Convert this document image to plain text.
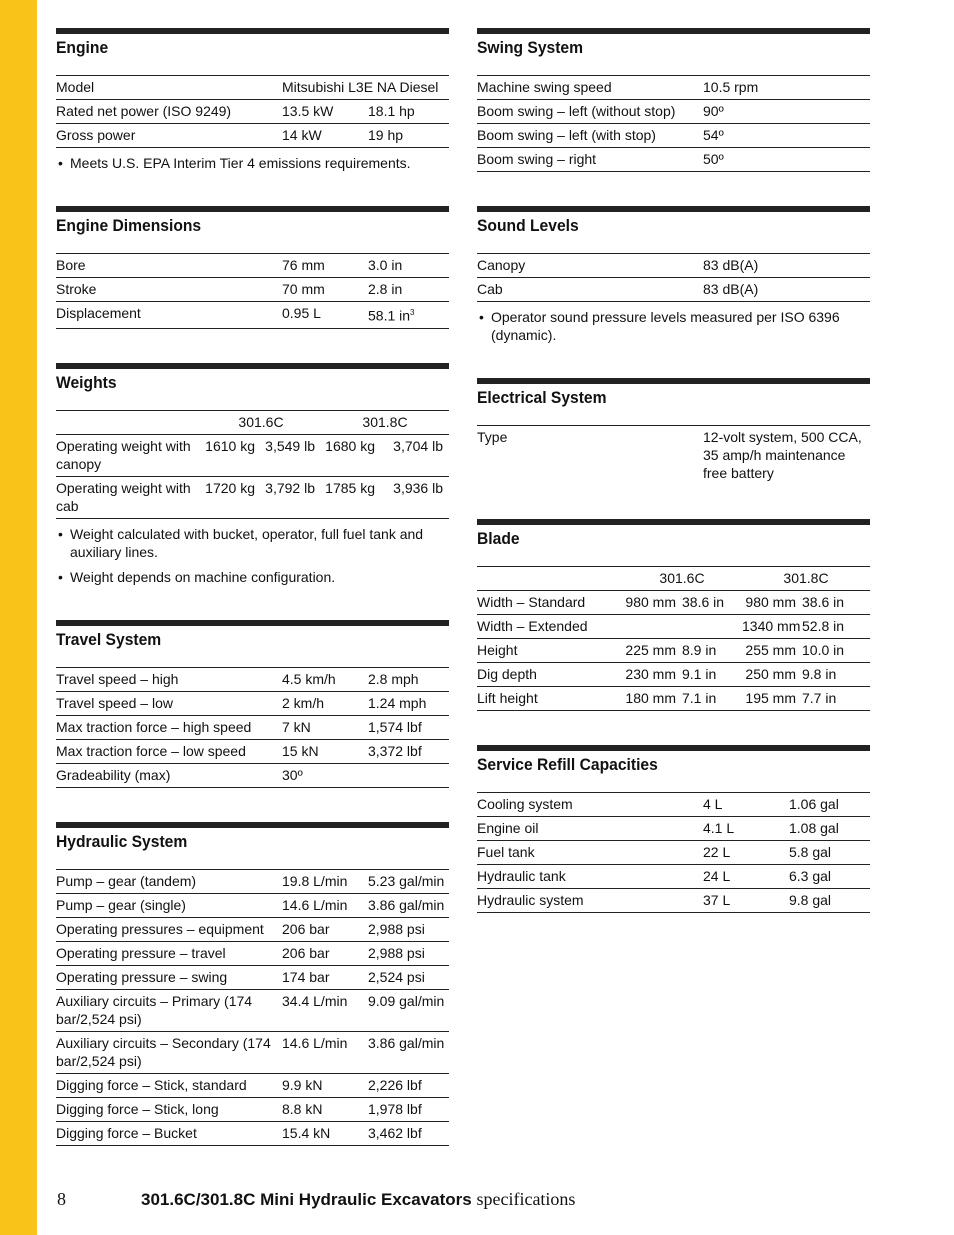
Engine
Model	Mitsubishi L3E NA Diesel	
Rated net power (ISO 9249)	13.5 kW	18.1 hp
Gross power	14 kW	19 hp
• Meets U.S. EPA Interim Tier 4 emissions requirements.
Engine Dimensions
Bore	76 mm	3.0 in
Stroke	70 mm	2.8 in
Displacement	0.95 L	58.1 $in^3$
Weights
	301.6C		301.8C	
Operating weight with canopy	1610 kg	3,549 lb	1680 kg	3,704 lb
Operating weight with cab	1720 kg	3,792 lb	1785 kg	3,936 lb
• Weight calculated with bucket, operator, full fuel tank and auxiliary lines.
• Weight depends on machine configuration.
Travel System
Travel speed – high	4.5 km/h	2.8 mph
Travel speed – low	2 km/h	1.24 mph
Max traction force – high speed	7 kN	1,574 lbf
Max traction force – low speed	15 kN	3,372 lbf
Gradeability (max)	30º	
Hydraulic System
Pump – gear (tandem)	19.8 L/min	5.23 gal/min
Pump – gear (single)	14.6 L/min	3.86 gal/min
Operating pressures – equipment	206 bar	2,988 psi
Operating pressure – travel	206 bar	2,988 psi
Operating pressure – swing	174 bar	2,524 psi
Auxiliary circuits – Primary (174 bar/2,524 psi)	34.4 L/min	9.09 gal/min
Auxiliary circuits – Secondary (174 bar/2,524 psi)	14.6 L/min	3.86 gal/min
Digging force – Stick, standard	9.9 kN	2,226 lbf
Digging force – Stick, long	8.8 kN	1,978 lbf
Digging force – Bucket	15.4 kN	3,462 lbf
Swing System
Machine swing speed	10.5 rpm
Boom swing – left (without stop)	90º
Boom swing – left (with stop)	54º
Boom swing – right	50º
Sound Levels
Canopy	83 dB(A)
Cab	83 dB(A)
• Operator sound pressure levels measured per ISO 6396 (dynamic).
Electrical System
Type	12-volt system, 500 CCA, 35 amp/h maintenance free battery
Blade
	301.6C		301.8C	
Width – Standard	980 mm	38.6 in	980 mm	38.6 in
Width – Extended			1340 mm	52.8 in
Height	225 mm	8.9 in	255 mm	10.0 in
Dig depth	230 mm	9.1 in	250 mm	9.8 in
Lift height	180 mm	7.1 in	195 mm	7.7 in
Service Refill Capacities
Cooling system	4 L	1.06 gal
Engine oil	4.1 L	1.08 gal
Fuel tank	22 L	5.8 gal
Hydraulic tank	24 L	6.3 gal
Hydraulic system	37 L	9.8 gal
8	301.6C/301.8C Mini Hydraulic Excavators specifications
